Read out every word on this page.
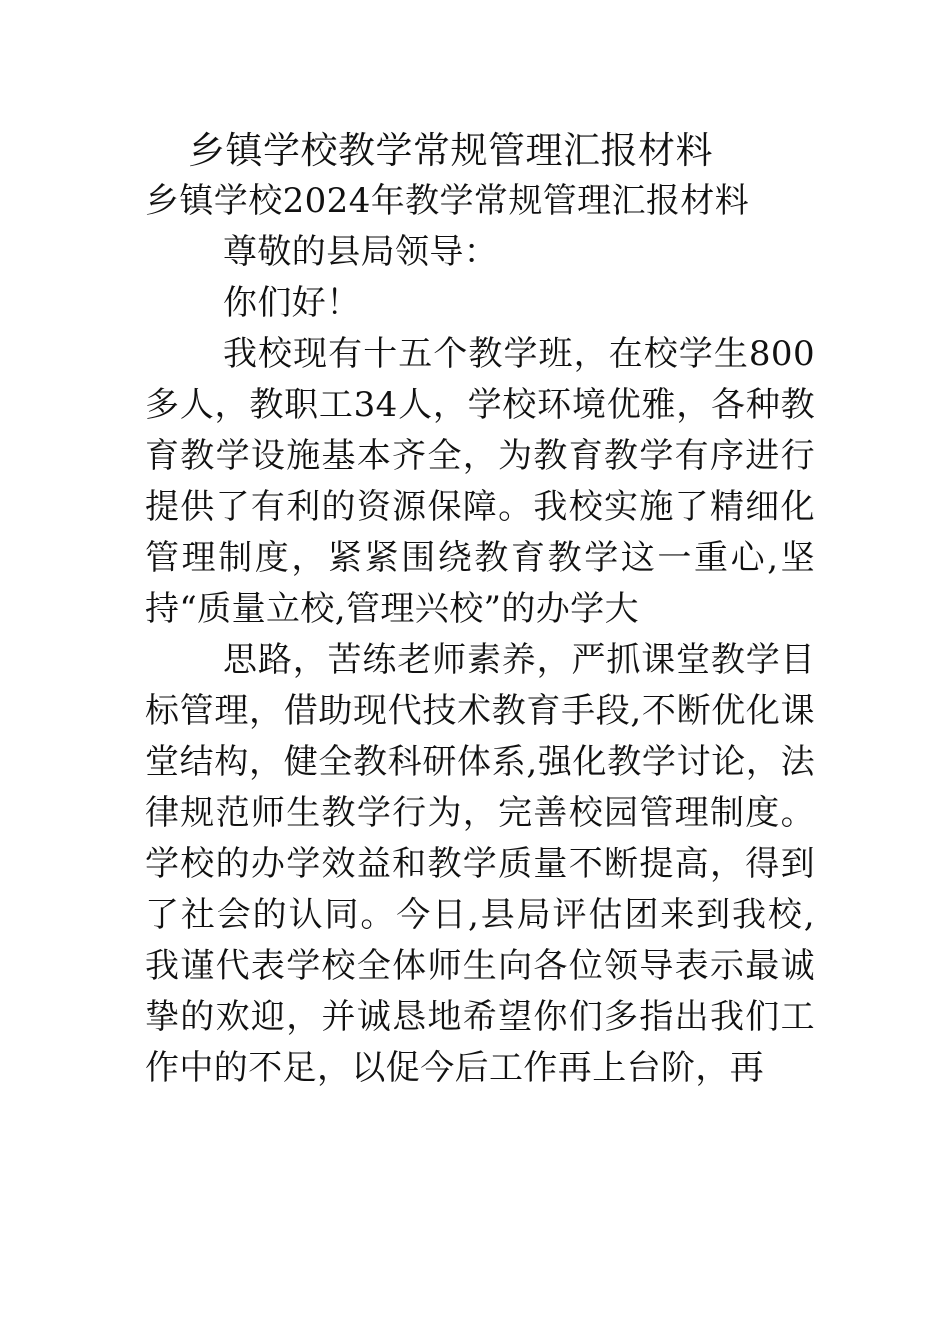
乡镇学校教学常规管理汇报材料

乡镇学校2024年教学常规管理汇报材料

尊敬的县局领导：

你们好！

我校现有十五个教学班，在校学生800多人，教职工34人，学校环境优雅，各种教育教学设施基本齐全，为教育教学有序进行提供了有利的资源保障。我校实施了精细化管理制度，紧紧围绕教育教学这一重心,坚持“质量立校,管理兴校”的办学大

思路，苦练老师素养，严抓课堂教学目标管理，借助现代技术教育手段,不断优化课堂结构，健全教科研体系,强化教学讨论，法律规范师生教学行为，完善校园管理制度。学校的办学效益和教学质量不断提高，得到了社会的认同。今日,县局评估团来到我校,我谨代表学校全体师生向各位领导表示最诚挚的欢迎，并诚恳地希望你们多指出我们工作中的不足，以促今后工作再上台阶，再
